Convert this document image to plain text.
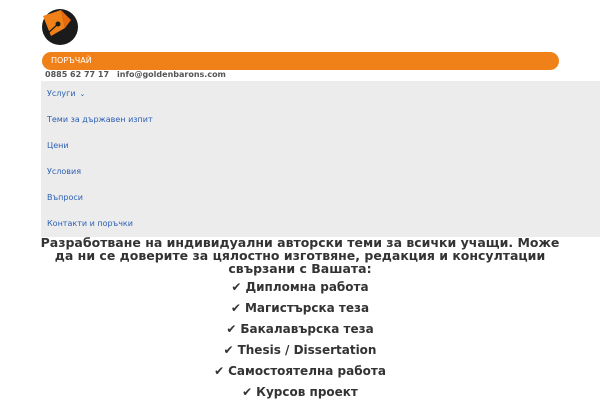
ПОРЪЧАЙ
0885 62 77 17 info@goldenbarons.com
Услуги ⌄
Теми за държавен изпит
Цени
Условия
Въпроси
Контакти и поръчки

Разработване на индивидуални авторски теми за всички учащи. Може да ни се доверите за цялостно изготвяне, редакция и консултации свързани с Вашата:

✔ Дипломна работа
✔ Магистърска теза
✔ Бакалавърска теза
✔ Thesis / Dissertation
✔ Самостоятелна работа
✔ Курсов проект
